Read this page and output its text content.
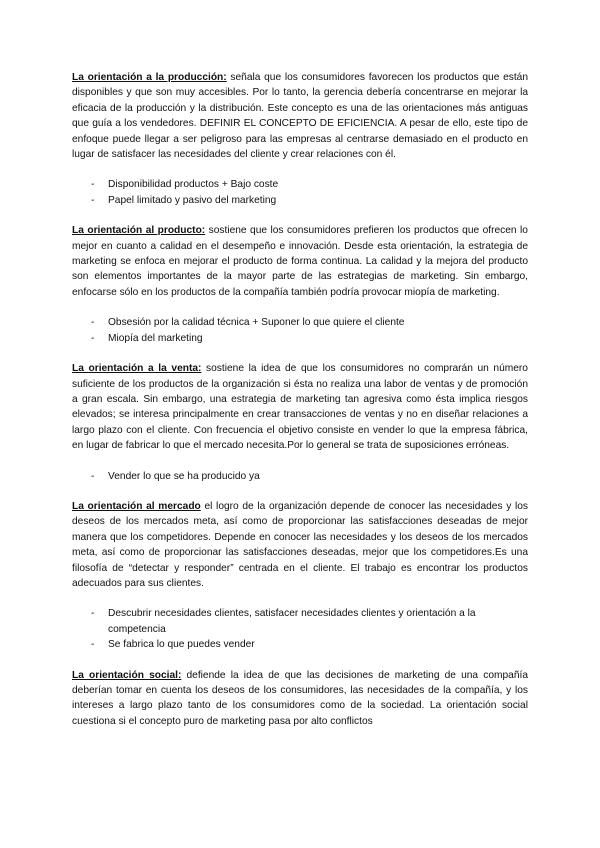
La orientación a la producción: señala que los consumidores favorecen los productos que están disponibles y que son muy accesibles. Por lo tanto, la gerencia debería concentrarse en mejorar la eficacia de la producción y la distribución. Este concepto es una de las orientaciones más antiguas que guía a los vendedores. DEFINIR EL CONCEPTO DE EFICIENCIA. A pesar de ello, este tipo de enfoque puede llegar a ser peligroso para las empresas al centrarse demasiado en el producto en lugar de satisfacer las necesidades del cliente y crear relaciones con él.

- Disponibilidad productos + Bajo coste
- Papel limitado y pasivo del marketing

La orientación al producto: sostiene que los consumidores prefieren los productos que ofrecen lo mejor en cuanto a calidad en el desempeño e innovación. Desde esta orientación, la estrategia de marketing se enfoca en mejorar el producto de forma continua. La calidad y la mejora del producto son elementos importantes de la mayor parte de las estrategias de marketing. Sin embargo, enfocarse sólo en los productos de la compañía también podría provocar miopía de marketing.

- Obsesión por la calidad técnica + Suponer lo que quiere el cliente
- Miopía del marketing

La orientación a la venta: sostiene la idea de que los consumidores no comprarán un número suficiente de los productos de la organización si ésta no realiza una labor de ventas y de promoción a gran escala. Sin embargo, una estrategia de marketing tan agresiva como ésta implica riesgos elevados; se interesa principalmente en crear transacciones de ventas y no en diseñar relaciones a largo plazo con el cliente. Con frecuencia el objetivo consiste en vender lo que la empresa fábrica, en lugar de fabricar lo que el mercado necesita.Por lo general se trata de suposiciones erróneas.

- Vender lo que se ha producido ya

La orientación al mercado el logro de la organización depende de conocer las necesidades y los deseos de los mercados meta, así como de proporcionar las satisfacciones deseadas de mejor manera que los competidores. Depende en conocer las necesidades y los deseos de los mercados meta, así como de proporcionar las satisfacciones deseadas, mejor que los competidores.Es una filosofía de “detectar y responder” centrada en el cliente. El trabajo es encontrar los productos adecuados para sus clientes.

- Descubrir necesidades clientes, satisfacer necesidades clientes y orientación a la competencia
- Se fabrica lo que puedes vender

La orientación social: defiende la idea de que las decisiones de marketing de una compañía deberían tomar en cuenta los deseos de los consumidores, las necesidades de la compañía, y los intereses a largo plazo tanto de los consumidores como de la sociedad. La orientación social cuestiona si el concepto puro de marketing pasa por alto conflictos
